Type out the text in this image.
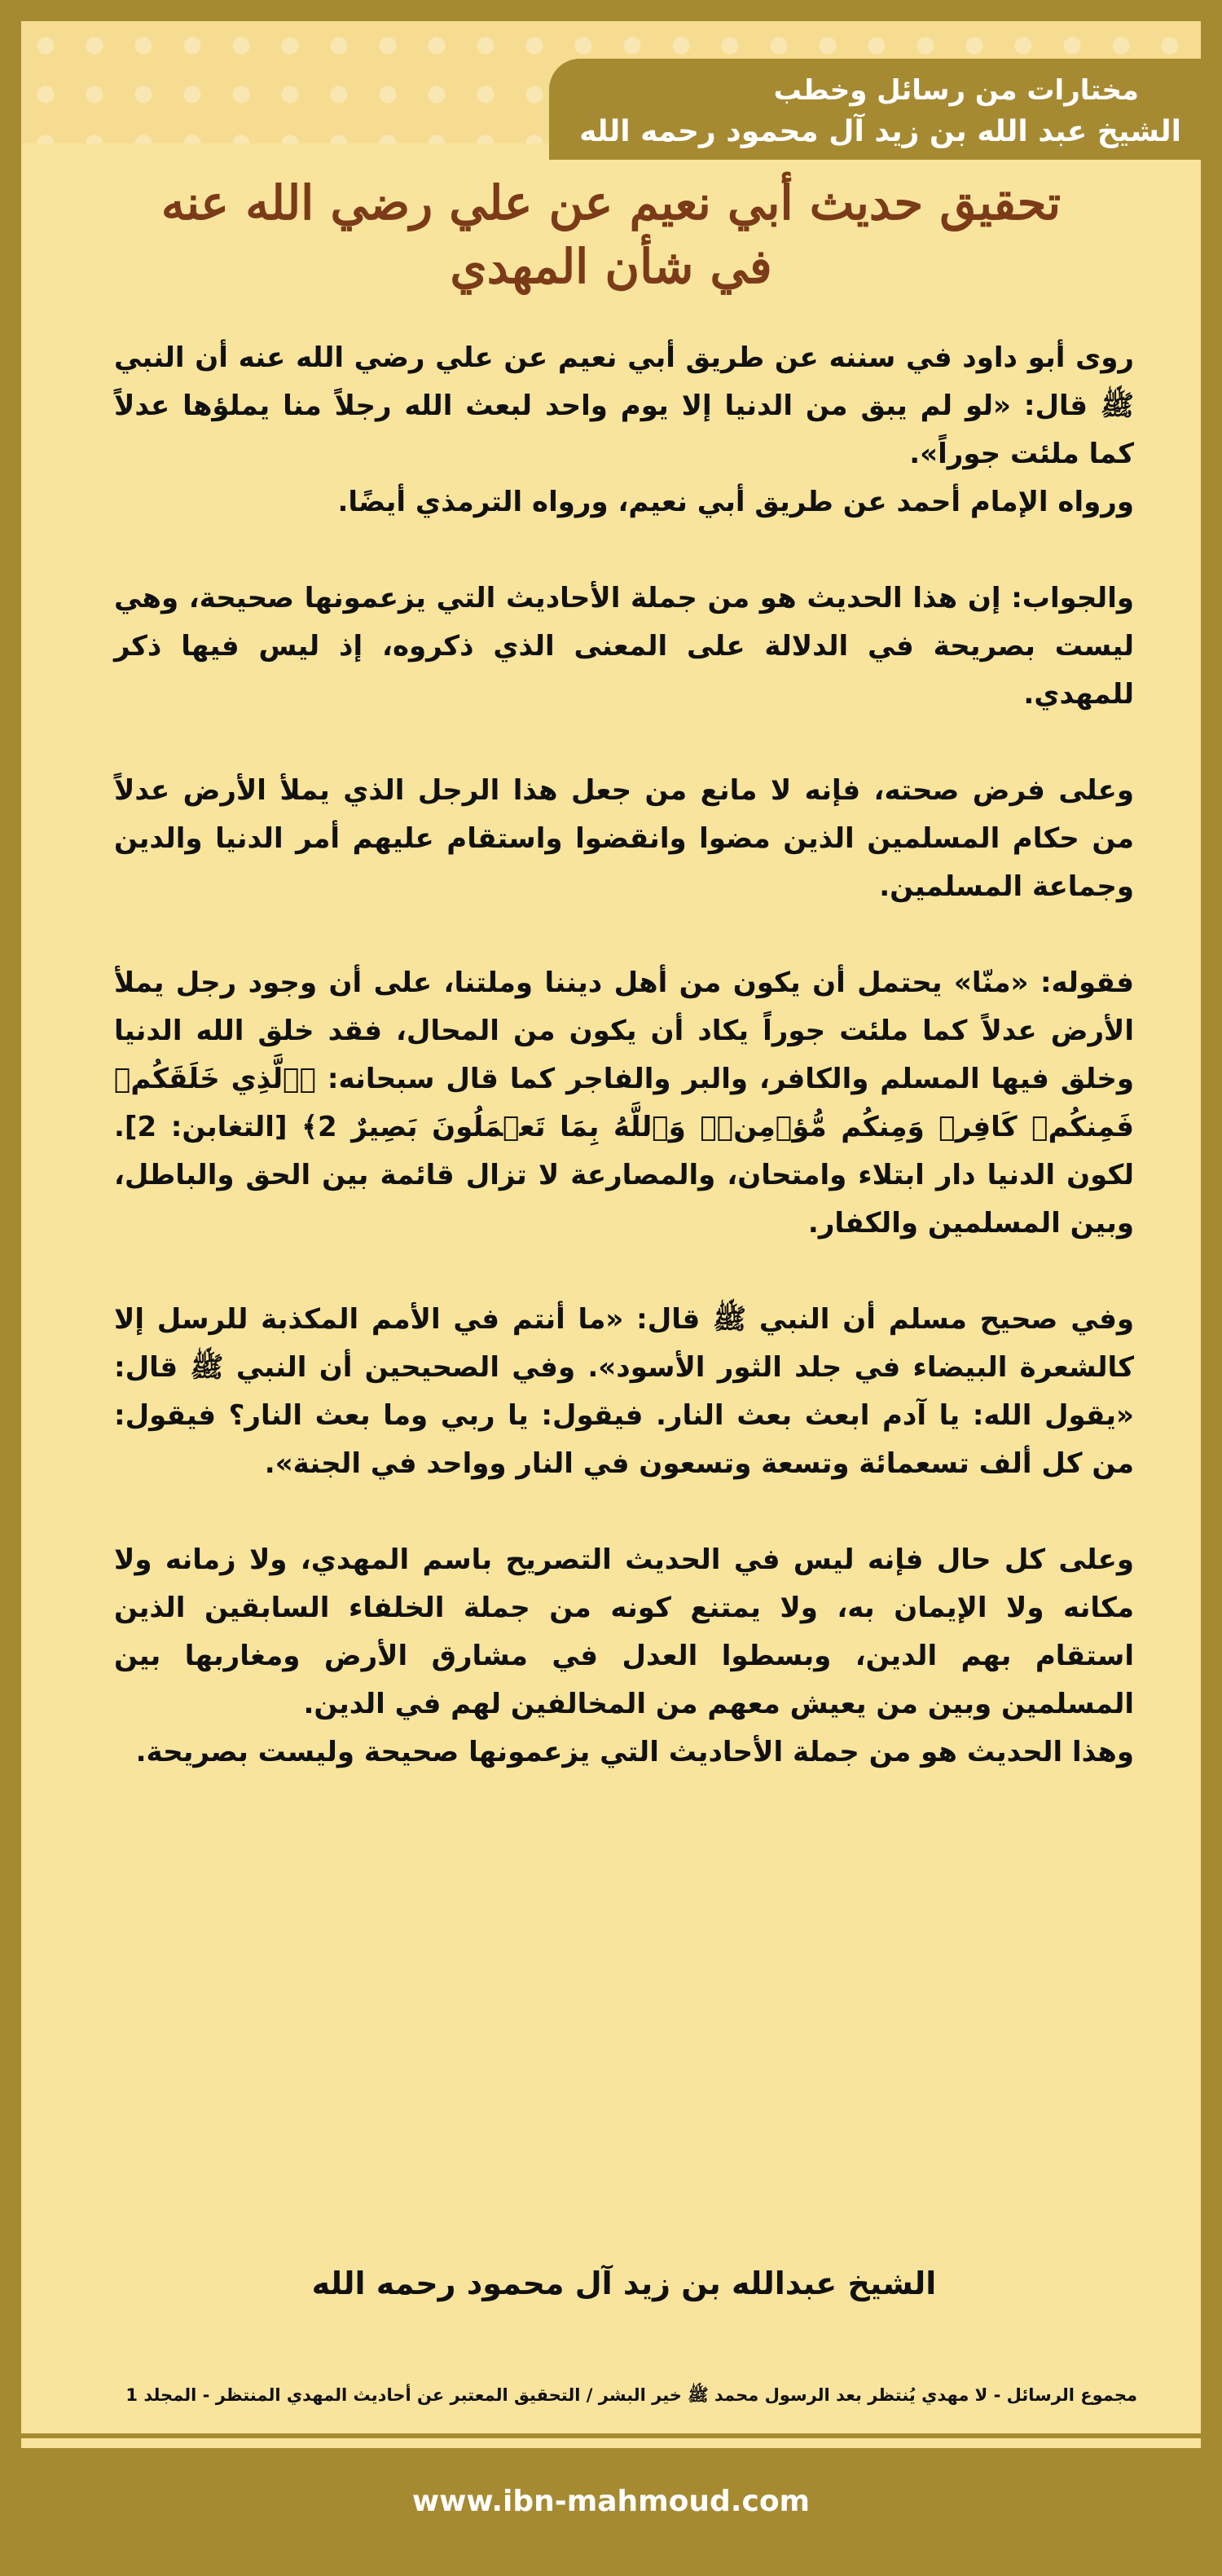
مختارات من رسائل وخطب
الشيخ عبد الله بن زيد آل محمود رحمه الله
تحقيق حديث أبي نعيم عن علي رضي الله عنه
في شأن المهدي

روى أبو داود في سننه عن طريق أبي نعيم عن علي رضي الله عنه أن النبي ﷺ قال: «لو لم يبق من الدنيا إلا يوم واحد لبعث الله رجلاً منا يملؤها عدلاً كما ملئت جوراً».
ورواه الإمام أحمد عن طريق أبي نعيم، ورواه الترمذي أيضًا.

والجواب: إن هذا الحديث هو من جملة الأحاديث التي يزعمونها صحيحة، وهي ليست بصريحة في الدلالة على المعنى الذي ذكروه، إذ ليس فيها ذكر للمهدي.

وعلى فرض صحته، فإنه لا مانع من جعل هذا الرجل الذي يملأ الأرض عدلاً من حكام المسلمين الذين مضوا وانقضوا واستقام عليهم أمر الدنيا والدين وجماعة المسلمين.

فقوله: «منّا» يحتمل أن يكون من أهل ديننا وملتنا، على أن وجود رجل يملأ الأرض عدلاً كما ملئت جوراً يكاد أن يكون من المحال، فقد خلق الله الدنيا وخلق فيها المسلم والكافر، والبر والفاجر كما قال سبحانه: ﴿ٱلَّذِي خَلَقَكُمۡ فَمِنكُمۡ كَافِرٞ وَمِنكُم مُّؤۡمِنٞۚ وَٱللَّهُ بِمَا تَعۡمَلُونَ بَصِيرٌ 2﴾ [التغابن: 2]. لكون الدنيا دار ابتلاء وامتحان، والمصارعة لا تزال قائمة بين الحق والباطل، وبين المسلمين والكفار.

وفي صحيح مسلم أن النبي ﷺ قال: «ما أنتم في الأمم المكذبة للرسل إلا كالشعرة البيضاء في جلد الثور الأسود». وفي الصحيحين أن النبي ﷺ قال: «يقول الله: يا آدم ابعث بعث النار. فيقول: يا ربي وما بعث النار؟ فيقول: من كل ألف تسعمائة وتسعة وتسعون في النار وواحد في الجنة».

وعلى كل حال فإنه ليس في الحديث التصريح باسم المهدي، ولا زمانه ولا مكانه ولا الإيمان به، ولا يمتنع كونه من جملة الخلفاء السابقين الذين استقام بهم الدين، وبسطوا العدل في مشارق الأرض ومغاربها بين المسلمين وبين من يعيش معهم من المخالفين لهم في الدين.
وهذا الحديث هو من جملة الأحاديث التي يزعمونها صحيحة وليست بصريحة.

الشيخ عبدالله بن زيد آل محمود رحمه الله
مجموع الرسائل - لا مهدي يُنتظر بعد الرسول محمد ﷺ خير البشر / التحقيق المعتبر عن أحاديث المهدي المنتظر - المجلد 1
www.ibn-mahmoud.com
